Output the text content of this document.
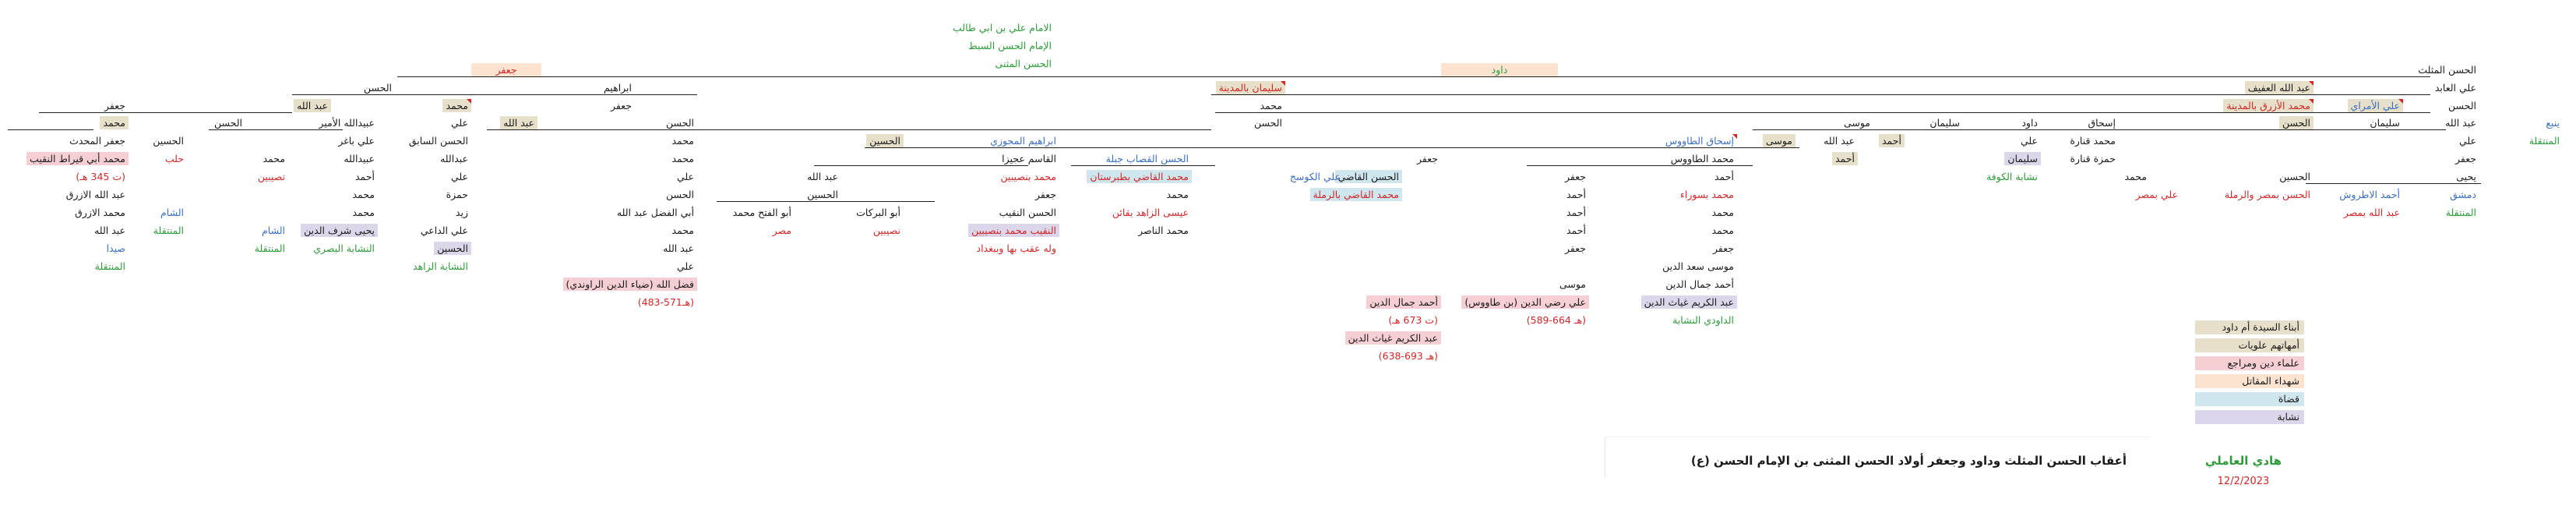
الامام علي بن ابي طالب
الإمام الحسن السبط
الحسن المثنى
جعفر	داود
الحسن
الحسن المثلث
علي العابد
الحسن
ينبع
عبد الله
المنتقلة
علي
جعفر
يحيى
دمشق
المنتقلة
علي الأمراي
سليمان
أحمد الاطروش
عبد الله بمصر
عبد الله العفيف
محمد الأزرق بالمدينة
الحسن
الحسين
الحسن بمصر والرملة
علي بمصر
محمد
إسحاق
محمد قنارة
حمزة قنارة
داود
علي
سليمان
نشابة الكوفة
سليمان
موسى
أحمد
عبد الله
أحمد
موسى
إسحاق الطاووس
محمد الطاووس
أحمد
محمد بسوراء
محمد
محمد
جعفر
موسى سعد الدين
أحمد جمال الدين
عبد الكريم غياث الدين
الداودي النشابة
جعفر
أحمد
أحمد
أحمد
جعفر
موسى
علي رضي الدين (بن طاووس)
(589-664 هـ)
جعفر
الحسن القاضي
محمد القاضي بالرملة
أحمد جمال الدين
(ت 673 هـ)
عبد الكريم غياث الدين
(638-693 هـ)
علي الكوسج
سليمان بالمدينة
محمد
الحسن
الحسن القصاب جبلة
محمد القاضي بطبرستان
محمد
عيسى الزاهد بقائن
محمد الناصر
ابراهيم المجوزي
القاسم عجيزا
محمد بنصيبين
جعفر
الحسن النقيب
النقيب محمد بنصيبين
وله عقب بها وببغداد
الحسين
عبد الله
الحسين
أبو البركات
نصيبين
أبو الفتح محمد
مصر
ابراهيم
جعفر
الحسن
محمد
محمد
علي
الحسن
أبي الفضل عبد الله
محمد
عبد الله
علي
فضل الله (ضياء الدين الراوندي)
(483-571هـ)
عبد الله
محمد
علي
الحسن السابق
عبدالله
علي
حمزة
زيد
علي الداعي
الحسين
النشابة الزاهد
عبد الله
عبيدالله الأمير
علي باغر
عبيدالله
أحمد
محمد
محمد
يحيى شرف الدين
النشابة البصري
الحسن
محمد
نصيبين
الشام
المنتقلة
جعفر
محمد
الحسين
حلب
جعفر المحدث
محمد أبي قيراط النقيب
(ت 345 هـ)
عبد الله الازرق
الشام
المنتقلة
محمد الازرق
عبد الله
صيدا
المنتقلة
أبناء السيدة أم داود
أمهاتهم علويات
علماء دين ومراجع
شهداء المقاتل
قضاة
نشابة
أعقاب الحسن المثلث وداود وجعفر أولاد الحسن المثنى بن الإمام الحسن (ع)	هادي العاملي
12/2/2023
